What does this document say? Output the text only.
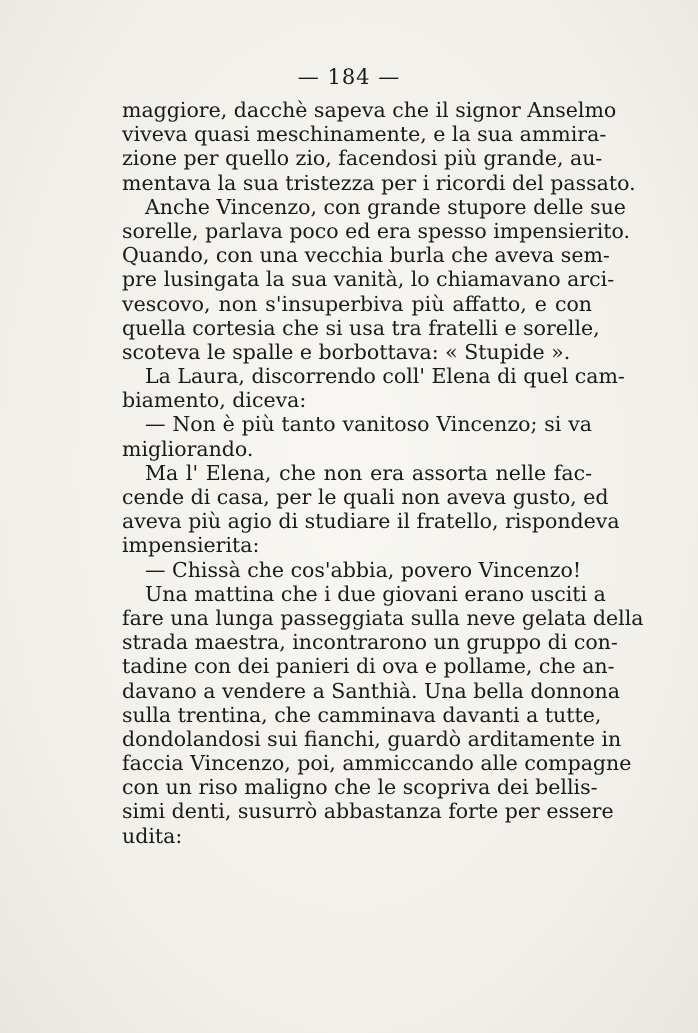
— 184 —
maggiore, dacchè sapeva che il signor Anselmo
viveva quasi meschinamente, e la sua ammira-
zione per quello zio, facendosi più grande, au-
mentava la sua tristezza per i ricordi del passato.
Anche Vincenzo, con grande stupore delle sue
sorelle, parlava poco ed era spesso impensierito.
Quando, con una vecchia burla che aveva sem-
pre lusingata la sua vanità, lo chiamavano arci-
vescovo, non s'insuperbiva più affatto, e con
quella cortesia che si usa tra fratelli e sorelle,
scoteva le spalle e borbottava: « Stupide ».
La Laura, discorrendo coll' Elena di quel cam-
biamento, diceva:
— Non è più tanto vanitoso Vincenzo; si va
migliorando.
Ma l' Elena, che non era assorta nelle fac-
cende di casa, per le quali non aveva gusto, ed
aveva più agio di studiare il fratello, rispondeva
impensierita:
— Chissà che cos'abbia, povero Vincenzo!
Una mattina che i due giovani erano usciti a
fare una lunga passeggiata sulla neve gelata della
strada maestra, incontrarono un gruppo di con-
tadine con dei panieri di ova e pollame, che an-
davano a vendere a Santhià. Una bella donnona
sulla trentina, che camminava davanti a tutte,
dondolandosi sui fianchi, guardò arditamente in
faccia Vincenzo, poi, ammiccando alle compagne
con un riso maligno che le scopriva dei bellis-
simi denti, susurrò abbastanza forte per essere
udita:
